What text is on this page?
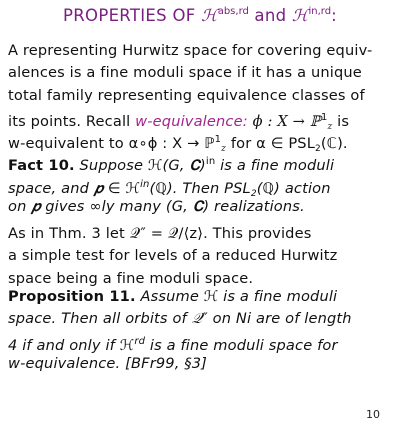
PROPERTIES OF ℋ$^{abs,rd}$ and ℋ$^{in,rd}$:
A representing Hurwitz space for covering equiv-
alences is a fine moduli space if it has a unique
total family representing equivalence classes of
its points. Recall w-equivalence: ϕ : X → ℙ$^1_z$ is
w-equivalent to α∘ϕ : X → ℙ$^1_z$ for α ∈ $PSL_2(ℂ)$.
Fact 10. Suppose ℋ(G, 𝐂)$^{in}$ is a fine moduli
space, and 𝒑 ∈ ℋ$^{in}$(ℚ). Then $PSL_2(ℚ)$ action
on 𝒑 gives ∞ly many (G, 𝐂) realizations.
As in Thm. 3 let 𝒬″ = 𝒬/⟨z⟩. This provides
a simple test for levels of a reduced Hurwitz
space being a fine moduli space.
Proposition 11. Assume ℋ is a fine moduli
space. Then all orbits of 𝒬″ on Ni are of length
4 if and only if ℋ$^{rd}$ is a fine moduli space for
w-equivalence. [BFr99, §3]
10
